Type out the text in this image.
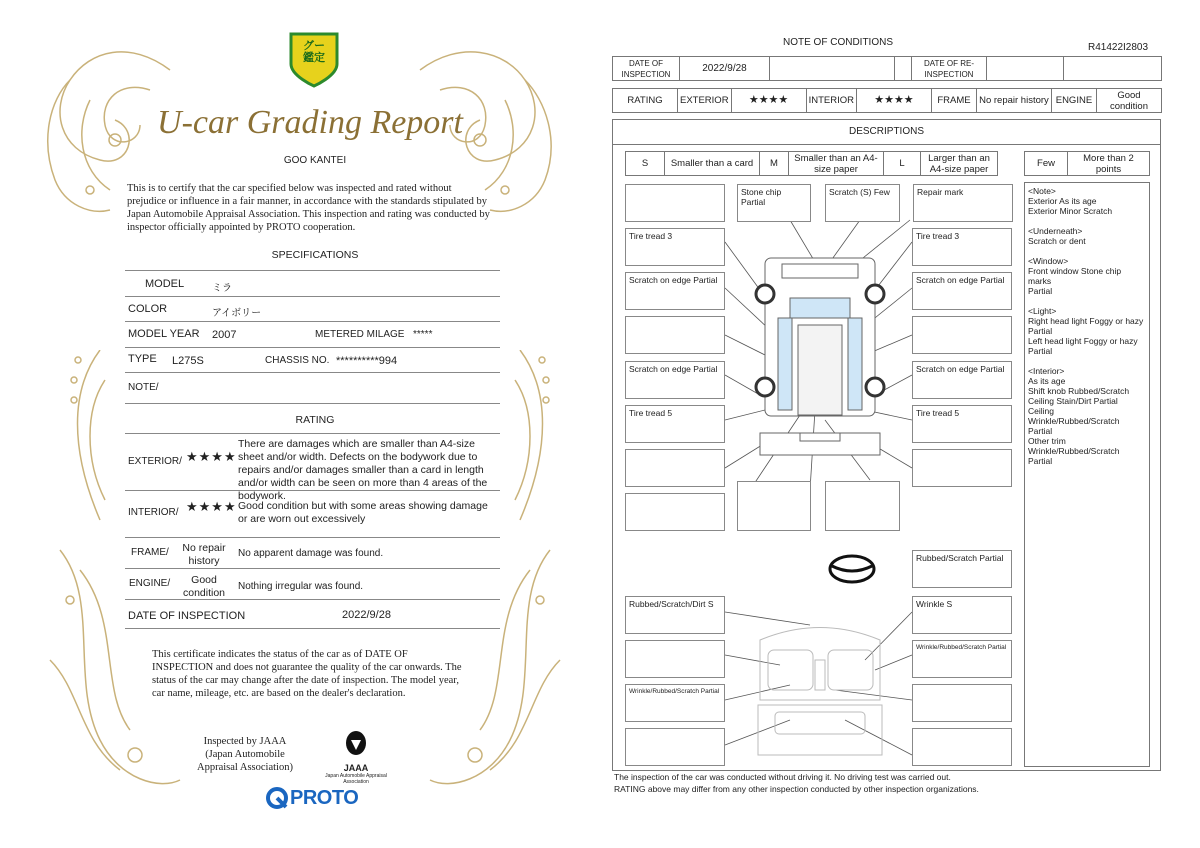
グー
鑑定
U-car Grading Report
GOO KANTEI
This is to certify that the car specified below was inspected and rated without prejudice or influence in a fair manner, in accordance with the standards stipulated by Japan Automobile Appraisal Association. This inspection and rating was conducted by inspector officially appointed by PROTO cooperation.
SPECIFICATIONS
MODEL	ミラ
COLOR	アイボリー
MODEL YEAR 2007	METERED MILAGE *****
TYPE L275S	CHASSIS NO. **********994
NOTE/
RATING
EXTERIOR/ ★★★★
There are damages which are smaller than A4-size sheet and/or width. Defects on the bodywork due to repairs and/or damages smaller than a card in length and/or width can be seen on more than 4 areas of the bodywork.
INTERIOR/ ★★★★ Good condition but with some areas showing damage or are worn out excessively
FRAME/	No repair history
No apparent damage was found.
ENGINE/	Good condition
Nothing irregular was found.
DATE OF INSPECTION	2022/9/28
This certificate indicates the status of the car as of DATE OF INSPECTION and does not guarantee the quality of the car onwards. The status of the car may change after the date of inspection. The model year, car name, mileage, etc. are based on the dealer's declaration.
Inspected by JAAA (Japan Automobile Appraisal Association)	JAAA
Japan Automobile Appraisal Association
PROTO
NOTE OF CONDITIONS	R41422I2803
DATE OF INSPECTION	2022/9/28			DATE OF RE-INSPECTION		
RATING	EXTERIOR	★★★★	INTERIOR	★★★★	FRAME	No repair history	ENGINE	Good condition
DESCRIPTIONS
S	Smaller than a card	M	Smaller than an A4-size paper	L	Larger than an A4-size paper	Few	More than 2 points
<Note>
Exterior As its age
Exterior Minor Scratch

<Underneath>
Scratch or dent

<Window>
Front window Stone chip marks
Partial

<Light>
Right head light Foggy or hazy
Partial
Left head light Foggy or hazy
Partial

<Interior>
As its age
Shift knob Rubbed/Scratch
Ceiling Stain/Dirt Partial
Ceiling
Wrinkle/Rubbed/Scratch
Partial
Other trim
Wrinkle/Rubbed/Scratch
Partial
Stone chip Partial
Scratch (S) Few	Repair mark
Tire tread 3	Tire tread 3
Scratch on edge Partial	Scratch on edge Partial
Scratch on edge Partial	Scratch on edge Partial
Tire tread 5	Tire tread 5
Rubbed/Scratch Partial
Rubbed/Scratch/Dirt S	Wrinkle S
Wrinkle/Rubbed/Scratch Partial
Wrinkle/Rubbed/Scratch Partial
The inspection of the car was conducted without driving it. No driving test was carried out.
RATING above may differ from any other inspection conducted by other inspection organizations.
